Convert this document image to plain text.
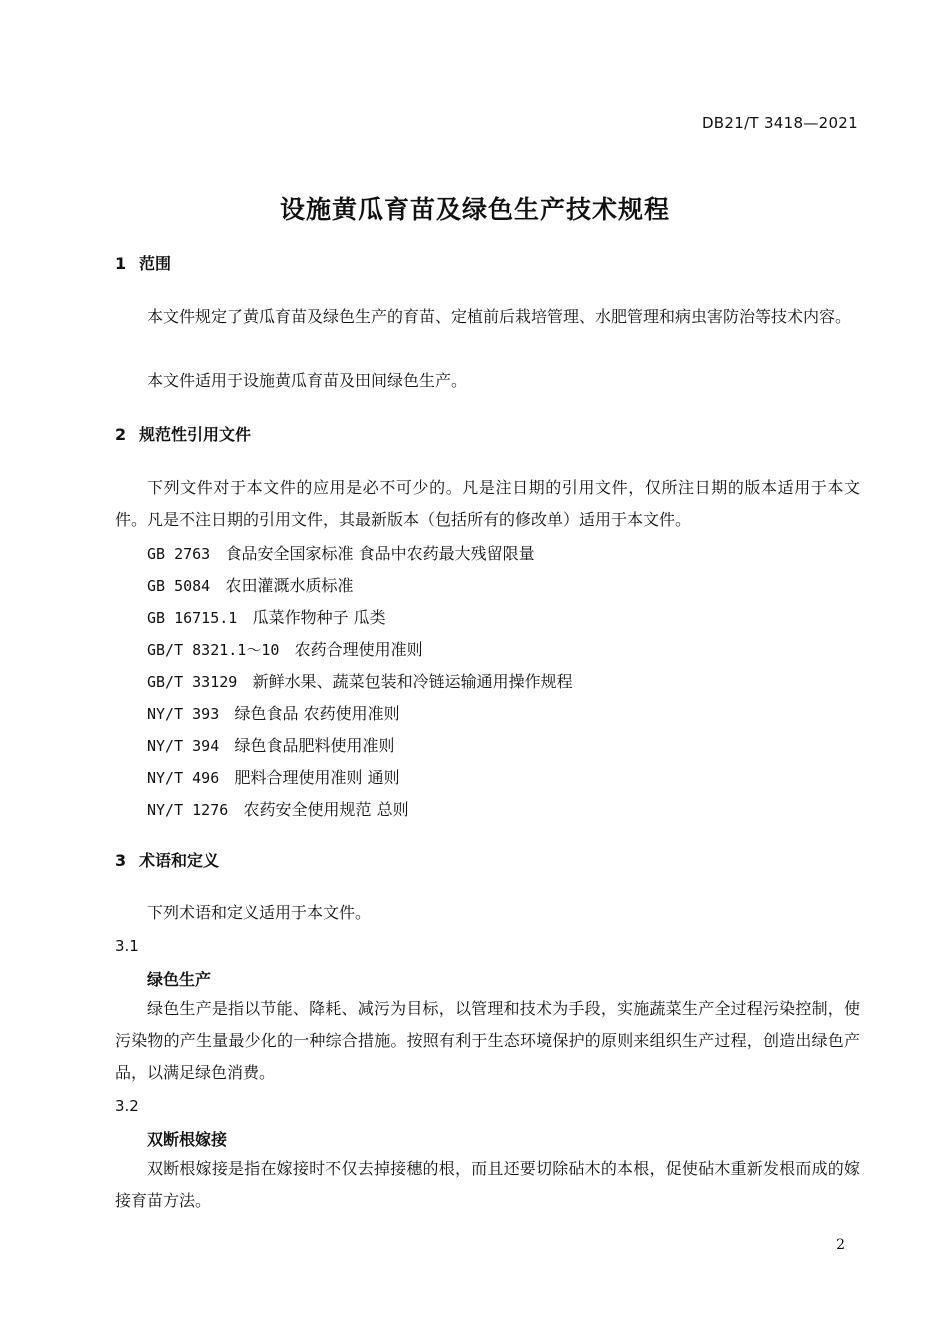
DB21/T 3418—2021
设施黄瓜育苗及绿色生产技术规程
1 范围
本文件规定了黄瓜育苗及绿色生产的育苗、定植前后栽培管理、水肥管理和病虫害防治等技术内容。
本文件适用于设施黄瓜育苗及田间绿色生产。
2 规范性引用文件
下列文件对于本文件的应用是必不可少的。凡是注日期的引用文件，仅所注日期的版本适用于本文件。凡是不注日期的引用文件，其最新版本（包括所有的修改单）适用于本文件。
GB 2763 食品安全国家标准 食品中农药最大残留限量
GB 5084 农田灌溉水质标准
GB 16715.1 瓜菜作物种子 瓜类
GB/T 8321.1～10 农药合理使用准则
GB/T 33129 新鲜水果、蔬菜包装和冷链运输通用操作规程
NY/T 393 绿色食品 农药使用准则
NY/T 394 绿色食品肥料使用准则
NY/T 496 肥料合理使用准则 通则
NY/T 1276 农药安全使用规范 总则
3 术语和定义
下列术语和定义适用于本文件。
3.1
绿色生产
绿色生产是指以节能、降耗、减污为目标，以管理和技术为手段，实施蔬菜生产全过程污染控制，使污染物的产生量最少化的一种综合措施。按照有利于生态环境保护的原则来组织生产过程，创造出绿色产品，以满足绿色消费。
3.2
双断根嫁接
双断根嫁接是指在嫁接时不仅去掉接穗的根，而且还要切除砧木的本根，促使砧木重新发根而成的嫁接育苗方法。
2
